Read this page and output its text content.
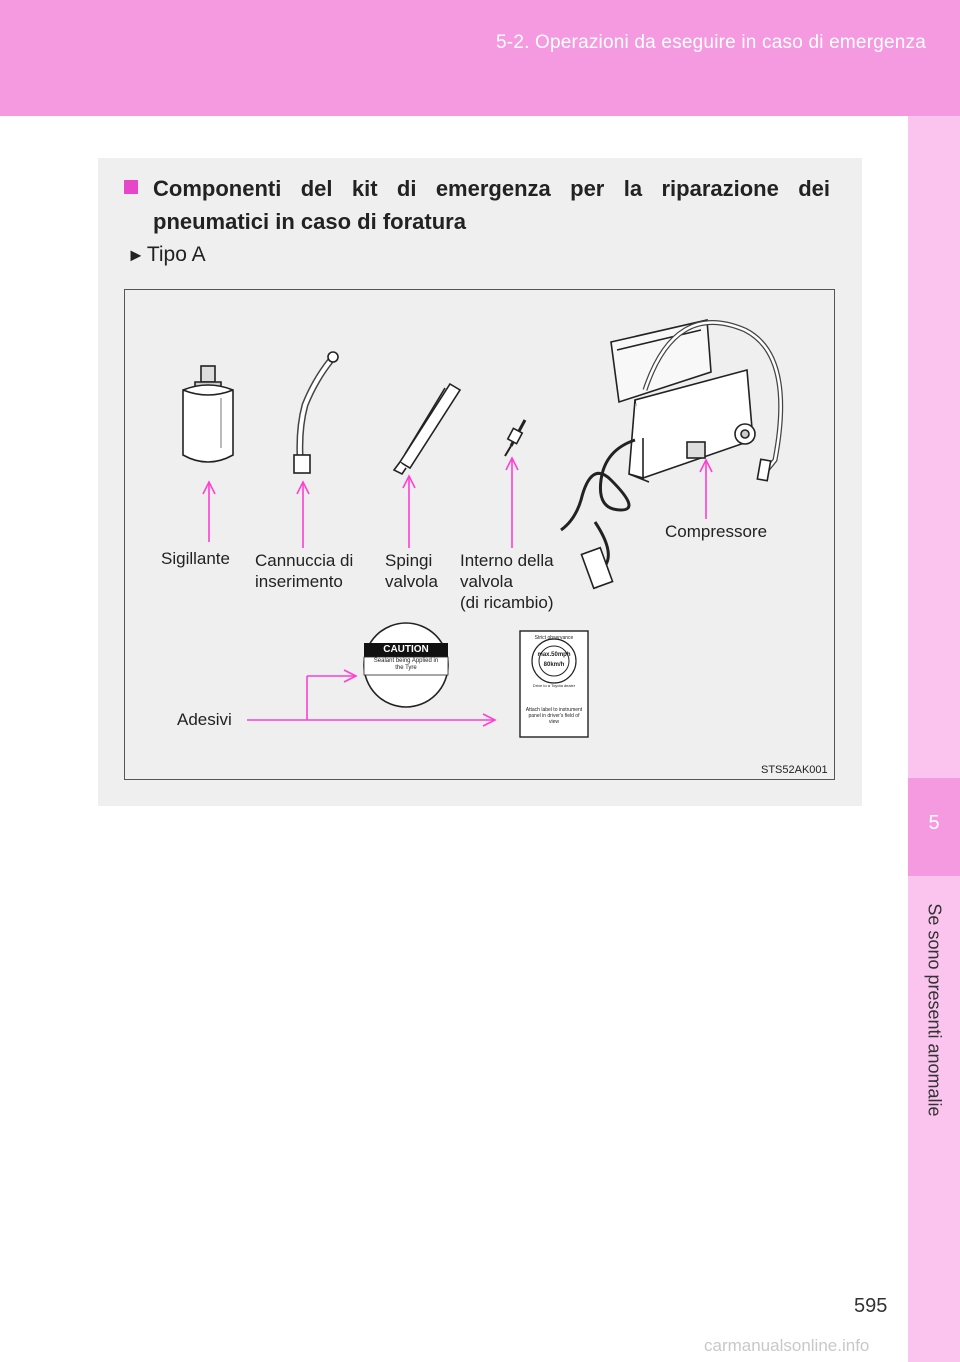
5-2. Operazioni da eseguire in caso di emergenza
5
Se sono presenti anomalie
Componenti del kit di emergenza per la riparazione dei pneumatici in caso di foratura
►Tipo A
Sigillante Cannuccia di
inserimento
Spingi
valvola
Interno della
valvola
(di ricambio)
Compressore
Adesivi
CAUTION
Sealant being Applied in the Tyre
Strict observance
max.50mph
80km/h
Drive to a Toyota dealer
Attach label to instrument panel in driver's field of view
STS52AK001
595
carmanualsonline.info
